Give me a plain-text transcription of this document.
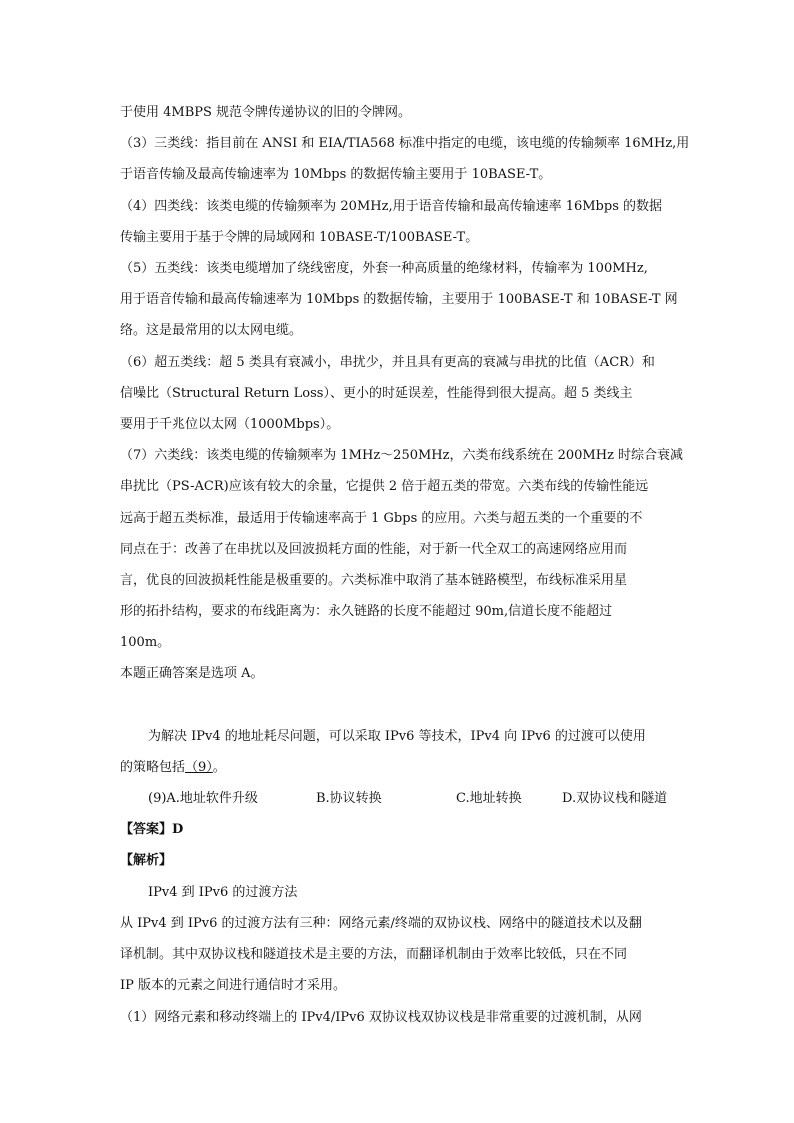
于使用 4MBPS 规范令牌传递协议的旧的令牌网。
（3）三类线：指目前在 ANSI 和 EIA/TIA568 标准中指定的电缆，该电缆的传输频率 16MHz,用
于语音传输及最高传输速率为 10Mbps 的数据传输主要用于 10BASE-T。
（4）四类线：该类电缆的传输频率为 20MHz,用于语音传输和最高传输速率 16Mbps 的数据
传输主要用于基于令牌的局域网和 10BASE-T/100BASE-T。
（5）五类线：该类电缆增加了绕线密度，外套一种高质量的绝缘材料，传输率为 100MHz,
用于语音传输和最高传输速率为 10Mbps 的数据传输，主要用于 100BASE-T 和 10BASE-T 网
络。这是最常用的以太网电缆。
（6）超五类线：超 5 类具有衰减小，串扰少，并且具有更高的衰减与串扰的比值（ACR）和
信噪比（Structural Return Loss）、更小的时延误差，性能得到很大提高。超 5 类线主
要用于千兆位以太网（1000Mbps）。
（7）六类线：该类电缆的传输频率为 1MHz～250MHz，六类布线系统在 200MHz 时综合衰减
串扰比（PS-ACR)应该有较大的余量，它提供 2 倍于超五类的带宽。六类布线的传输性能远
远高于超五类标准，最适用于传输速率高于 1 Gbps 的应用。六类与超五类的一个重要的不
同点在于：改善了在串扰以及回波损耗方面的性能，对于新一代全双工的高速网络应用而
言，优良的回波损耗性能是极重要的。六类标准中取消了基本链路模型，布线标准采用星
形的拓扑结构，要求的布线距离为：永久链路的长度不能超过 90m,信道长度不能超过
100m。
本题正确答案是选项 A。
为解决 IPv4 的地址耗尽问题，可以采取 IPv6 等技术，IPv4 向 IPv6 的过渡可以使用
的策略包括（9）。
(9)A.地址软件升级	B.协议转换	C.地址转换	D.双协议栈和隧道
【答案】D
【解析】
IPv4 到 IPv6 的过渡方法
从 IPv4 到 IPv6 的过渡方法有三种：网络元素/终端的双协议栈、网络中的隧道技术以及翻
译机制。其中双协议栈和隧道技术是主要的方法，而翻译机制由于效率比较低，只在不同
IP 版本的元素之间进行通信时才采用。
（1）网络元素和移动终端上的 IPv4/IPv6 双协议栈双协议栈是非常重要的过渡机制，从网
